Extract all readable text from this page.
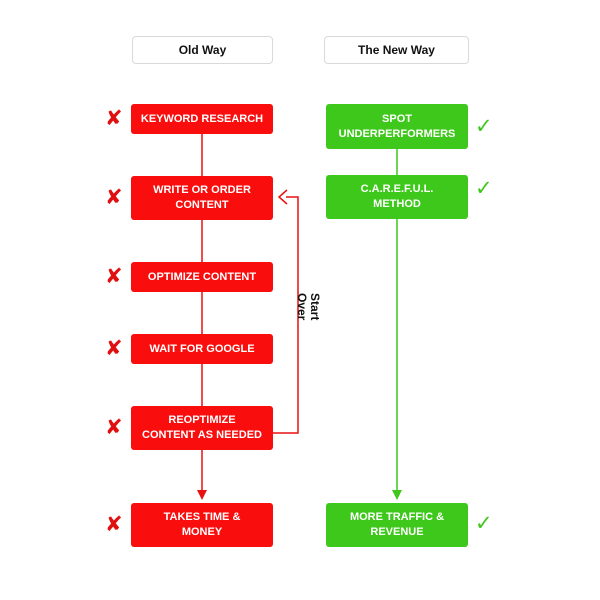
Old Way	The New Way
KEYWORD RESEARCH
WRITE OR ORDER
CONTENT
OPTIMIZE CONTENT
WAIT FOR GOOGLE
REOPTIMIZE
CONTENT AS NEEDED
TAKES TIME &
MONEY
SPOT
UNDERPERFORMERS
C.A.R.E.F.U.L.
METHOD
MORE TRAFFIC &
REVENUE
✘
✘
✘
✘
✘
✘
✓
✓
✓
Start
Over
